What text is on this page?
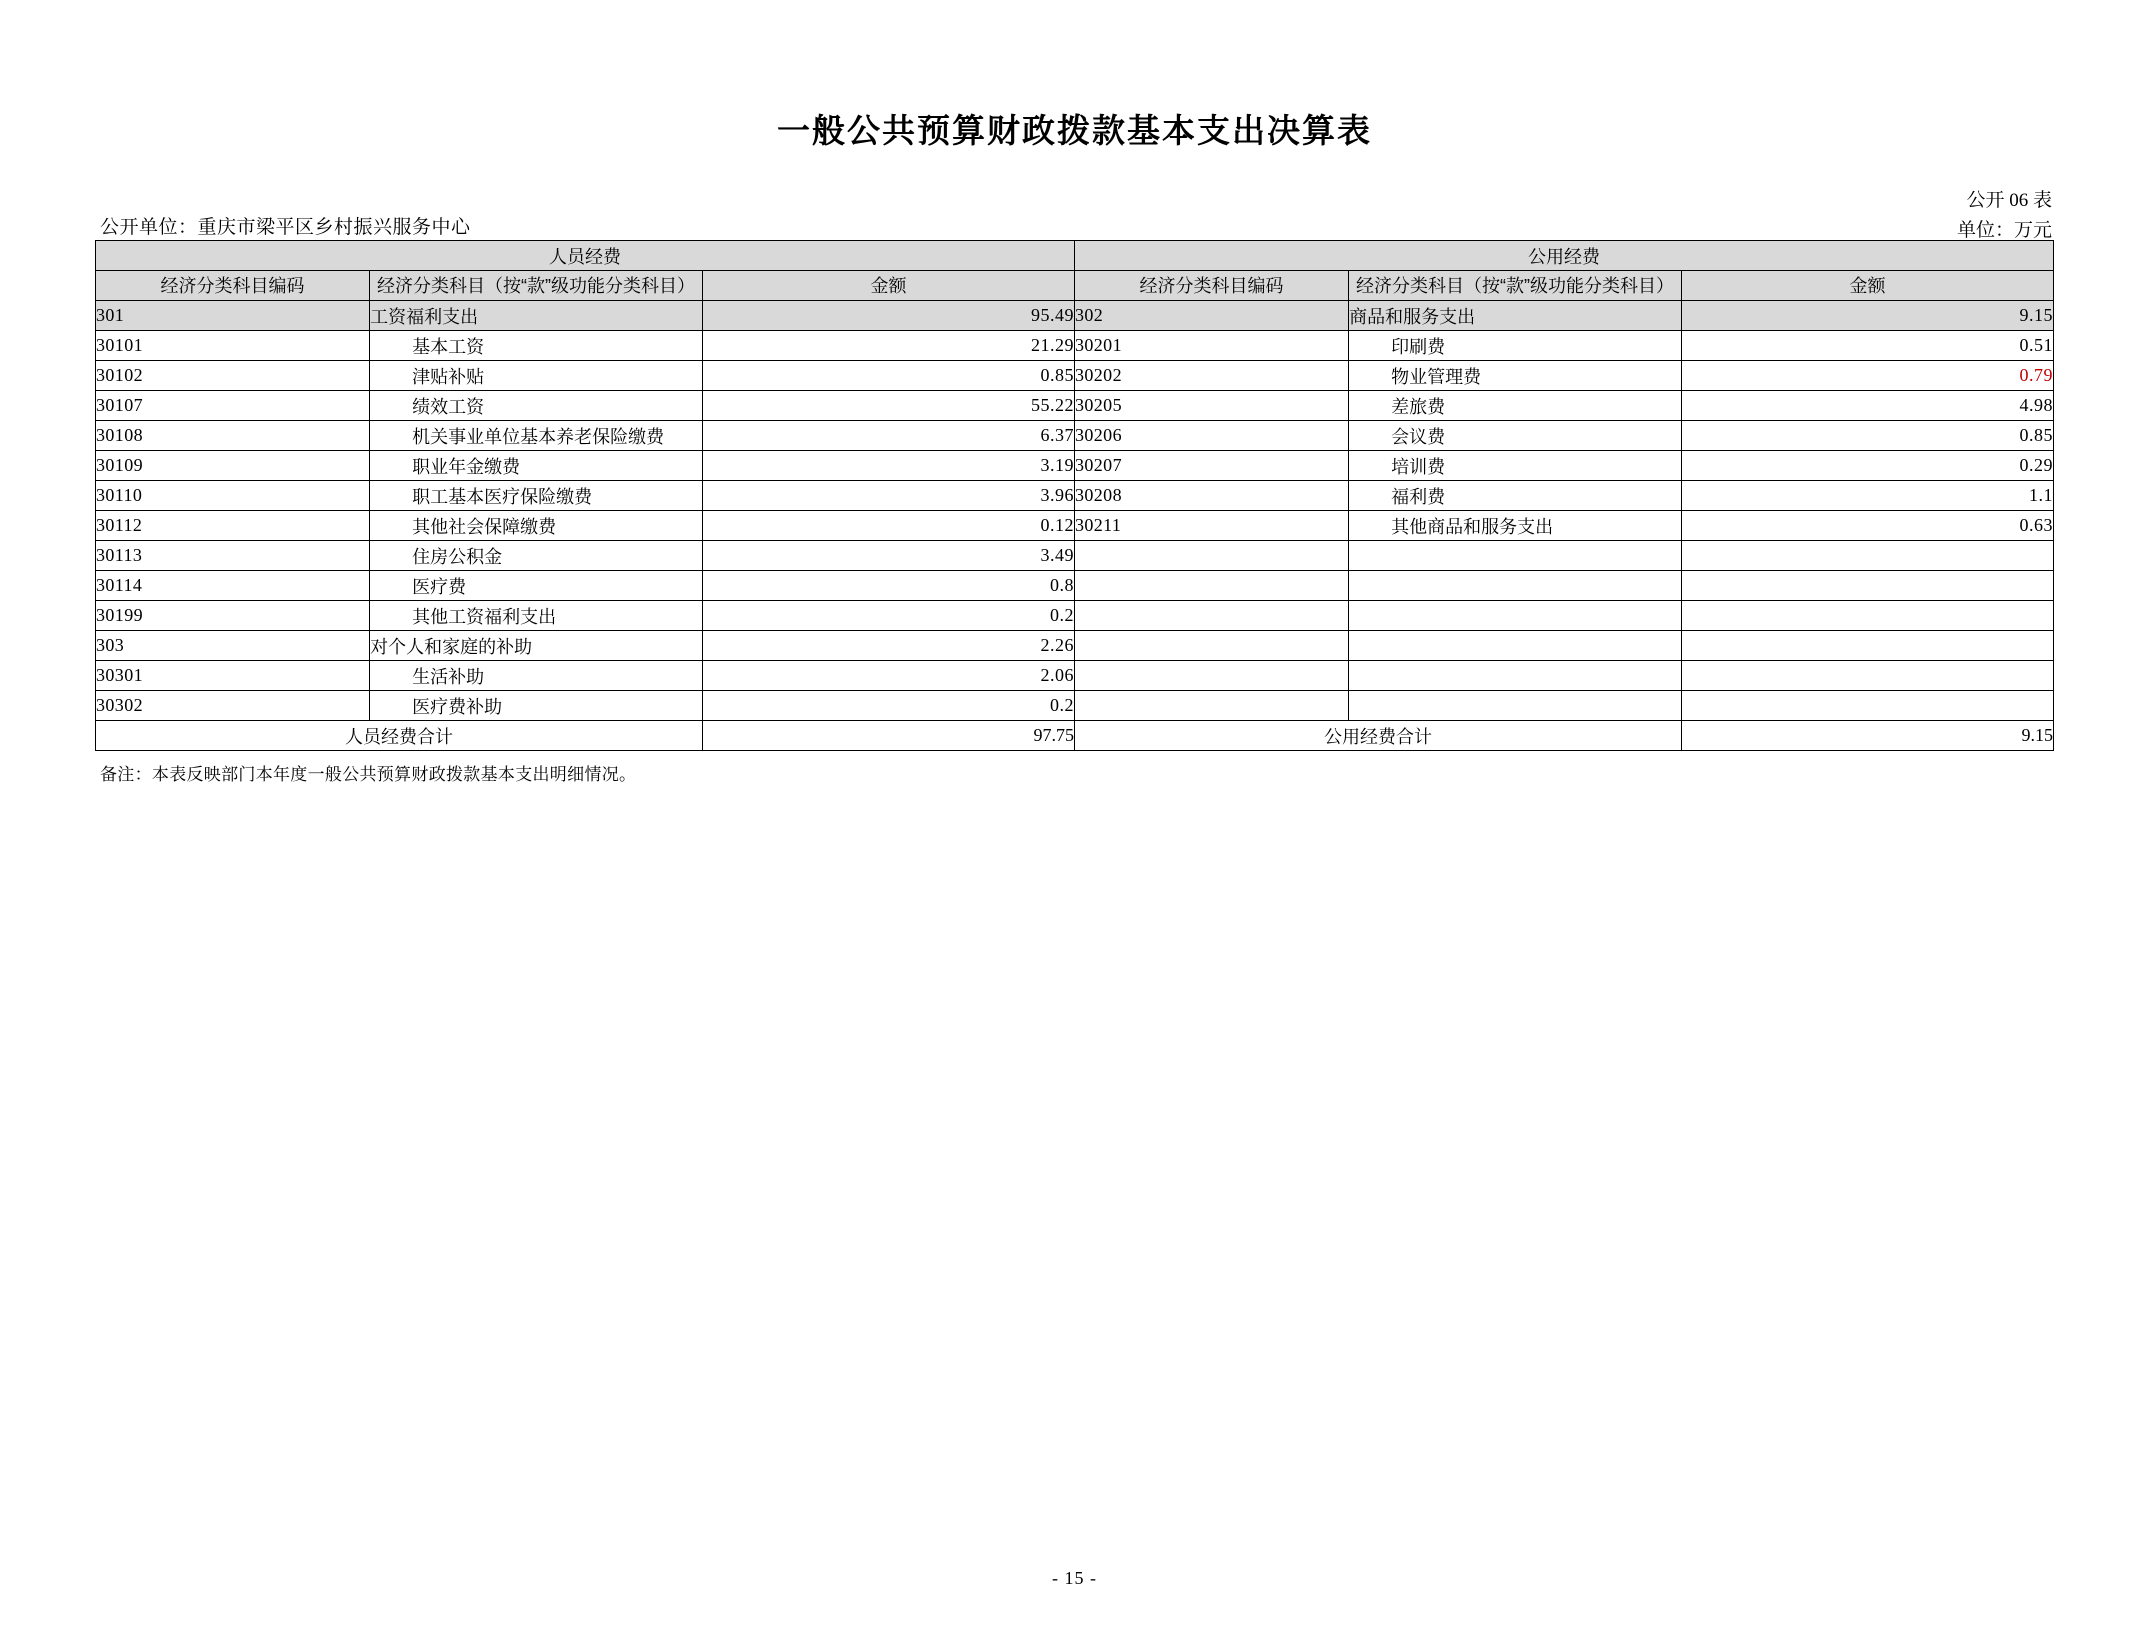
一般公共预算财政拨款基本支出决算表
公开单位：重庆市梁平区乡村振兴服务中心
公开 06 表
单位：万元
人员经费			公用经费		
经济分类科目编码	经济分类科目（按“款”级功能分类科目）	金额	经济分类科目编码	经济分类科目（按“款”级功能分类科目）	金额
301	工资福利支出	95.49	302	商品和服务支出	9.15
30101	基本工资	21.29	30201	印刷费	0.51
30102	津贴补贴	0.85	30202	物业管理费	0.79
30107	绩效工资	55.22	30205	差旅费	4.98
30108	机关事业单位基本养老保险缴费	6.37	30206	会议费	0.85
30109	职业年金缴费	3.19	30207	培训费	0.29
30110	职工基本医疗保险缴费	3.96	30208	福利费	1.1
30112	其他社会保障缴费	0.12	30211	其他商品和服务支出	0.63
30113	住房公积金	3.49			
30114	医疗费	0.8			
30199	其他工资福利支出	0.2			
303	对个人和家庭的补助	2.26			
30301	生活补助	2.06			
30302	医疗费补助	0.2			
人员经费合计		97.75	公用经费合计		9.15
备注：本表反映部门本年度一般公共预算财政拨款基本支出明细情况。
- 15 -
